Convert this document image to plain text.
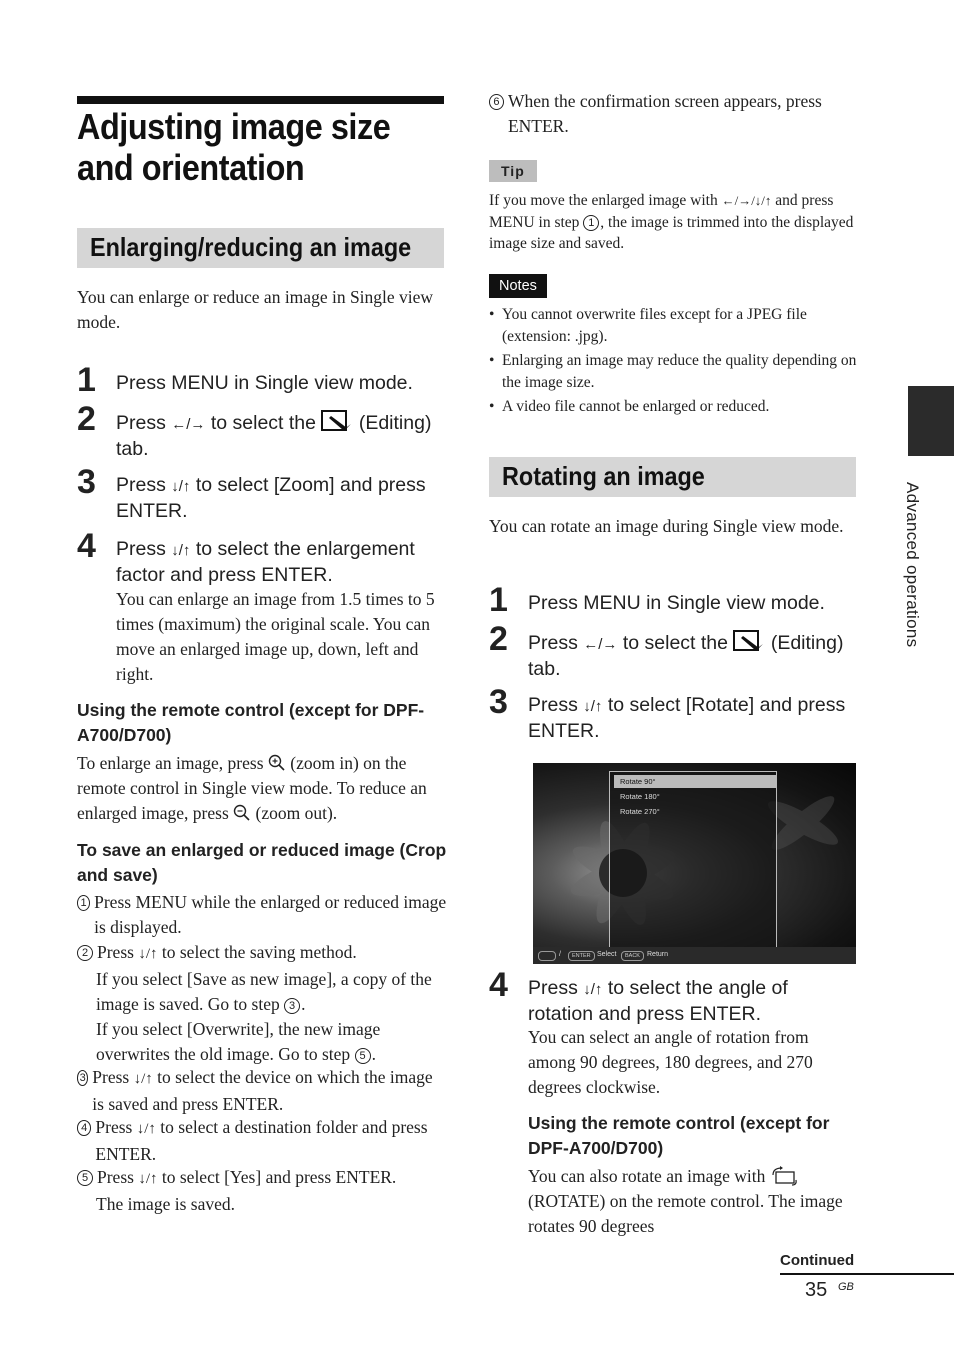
Adjusting image size
and orientation
Enlarging/reducing an image
You can enlarge or reduce an image in Single view mode.
1 Press MENU in Single view mode.
2 Press ←/→ to select the  (Editing) tab.
3 Press ↓/↑ to select [Zoom] and press ENTER.
4 Press ↓/↑ to select the enlargement factor and press ENTER.
You can enlarge an image from 1.5 times to 5 times (maximum) the original scale. You can move an enlarged image up, down, left and right.
Using the remote control (except for DPF-A700/D700)
To enlarge an image, press  (zoom in) on the remote control in Single view mode. To reduce an enlarged image, press  (zoom out).
To save an enlarged or reduced image (Crop and save)
1 Press MENU while the enlarged or reduced image is displayed.
2 Press ↓/↑ to select the saving method.
If you select [Save as new image], a copy of the image is saved. Go to step 3 .
If you select [Overwrite], the new image overwrites the old image. Go to step 5 .
3 Press ↓/↑ to select the device on which the image is saved and press ENTER.
4 Press ↓/↑ to select a destination folder and press ENTER.
5 Press ↓/↑ to select [Yes] and press ENTER.
The image is saved.
6 When the confirmation screen appears, press ENTER.
Tip
If you move the enlarged image with ←/→/↓/↑ and press MENU in step 1 , the image is trimmed into the displayed image size and saved.
Notes
• You cannot overwrite files except for a JPEG file (extension: .jpg).
• Enlarging an image may reduce the quality depending on the image size.
• A video file cannot be enlarged or reduced.
Rotating an image
You can rotate an image during Single view mode.
1 Press MENU in Single view mode.
2 Press ←/→ to select the  (Editing) tab.
3 Press ↓/↑ to select [Rotate] and press ENTER.
Rotate 90°
Rotate 180°
Rotate 270°
/	ENTER Select	BACK	Return
4 Press ↓/↑ to select the angle of rotation and press ENTER.
You can select an angle of rotation from among 90 degrees, 180 degrees, and 270 degrees clockwise.
Using the remote control (except for DPF-A700/D700)
You can also rotate an image with  (ROTATE) on the remote control. The image rotates 90 degrees
Advanced operations
Continued
35 GB
